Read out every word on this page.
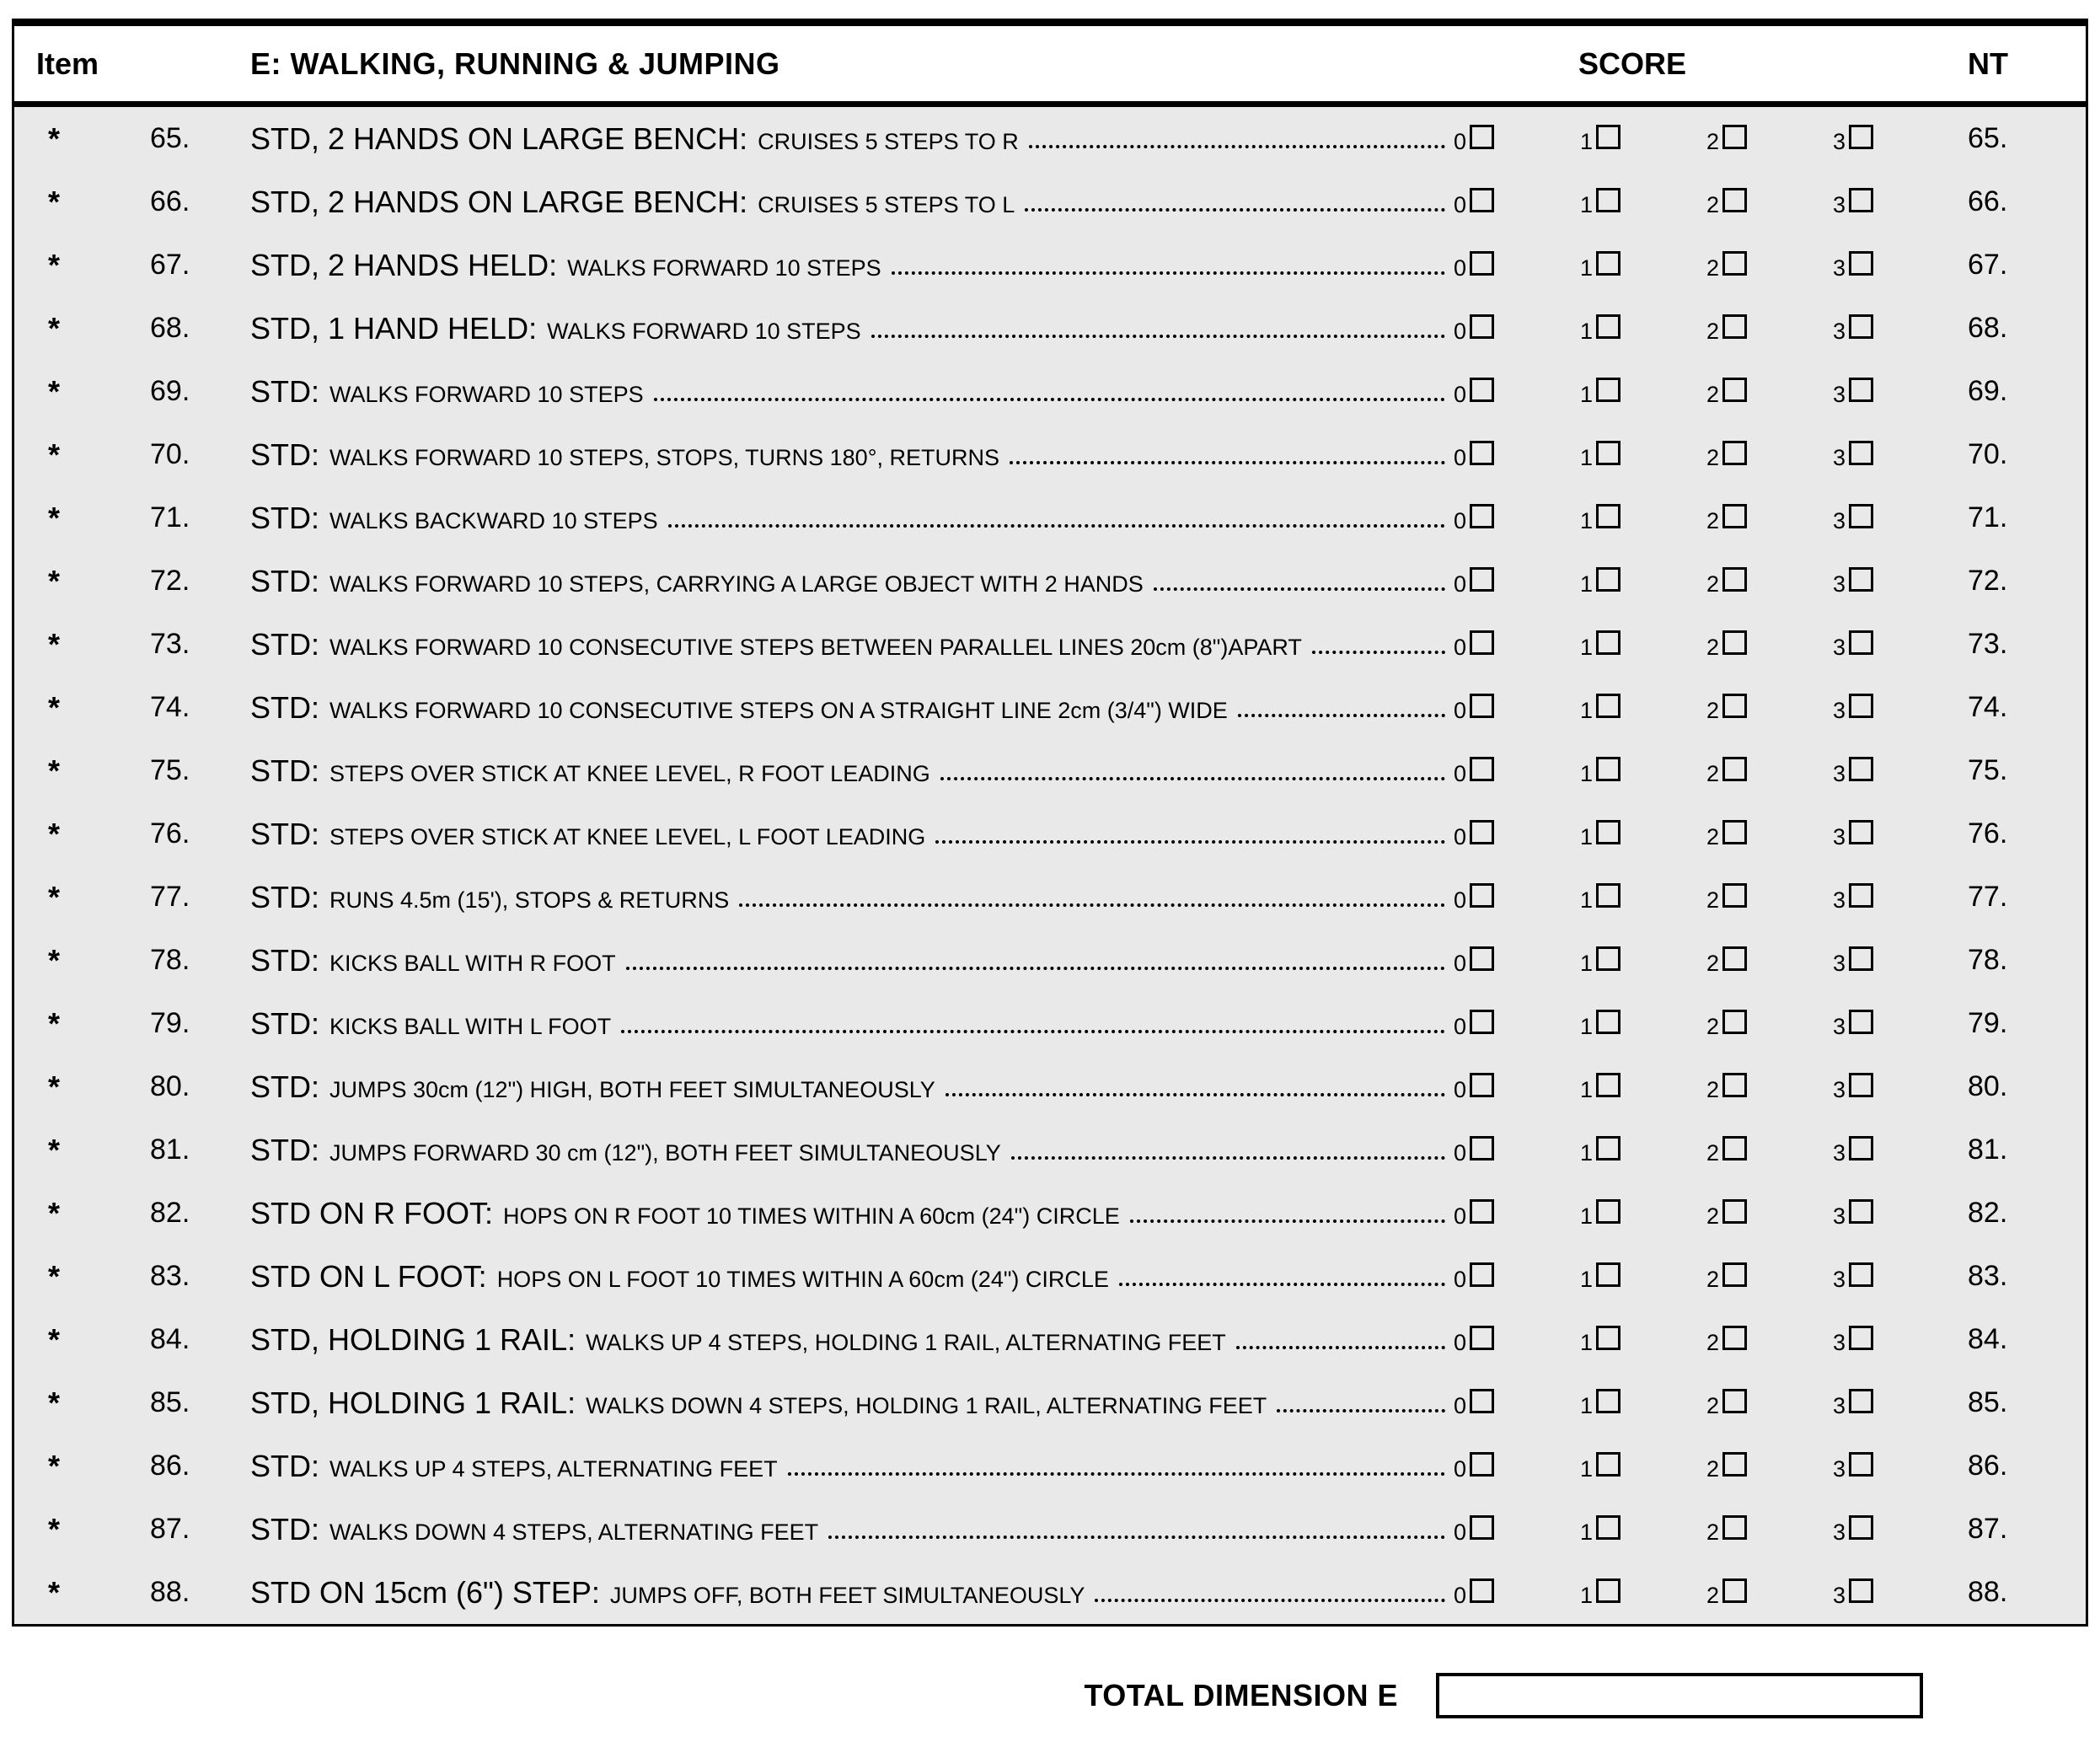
Item	E: WALKING, RUNNING & JUMPING	SCORE	NT
*	65.	STD, 2 HANDS ON LARGE BENCH: CRUISES 5 STEPS TO R	0	1	2	3	65.
*	66.	STD, 2 HANDS ON LARGE BENCH: CRUISES 5 STEPS TO L	0	1	2	3	66.
*	67.	STD, 2 HANDS HELD: WALKS FORWARD 10 STEPS	0	1	2	3	67.
*	68.	STD, 1 HAND HELD: WALKS FORWARD 10 STEPS	0	1	2	3	68.
*	69.	STD: WALKS FORWARD 10 STEPS	0	1	2	3	69.
*	70.	STD: WALKS FORWARD 10 STEPS, STOPS, TURNS 180°, RETURNS	0	1	2	3	70.
*	71.	STD: WALKS BACKWARD 10 STEPS	0	1	2	3	71.
*	72.	STD: WALKS FORWARD 10 STEPS, CARRYING A LARGE OBJECT WITH 2 HANDS	0	1	2	3	72.
*	73.	STD: WALKS FORWARD 10 CONSECUTIVE STEPS BETWEEN PARALLEL LINES 20cm (8")APART	0	1	2	3	73.
*	74.	STD: WALKS FORWARD 10 CONSECUTIVE STEPS ON A STRAIGHT LINE 2cm (3/4") WIDE	0	1	2	3	74.
*	75.	STD: STEPS OVER STICK AT KNEE LEVEL, R FOOT LEADING	0	1	2	3	75.
*	76.	STD: STEPS OVER STICK AT KNEE LEVEL, L FOOT LEADING	0	1	2	3	76.
*	77.	STD: RUNS 4.5m (15'), STOPS & RETURNS	0	1	2	3	77.
*	78.	STD: KICKS BALL WITH R FOOT	0	1	2	3	78.
*	79.	STD: KICKS BALL WITH L FOOT	0	1	2	3	79.
*	80.	STD: JUMPS 30cm (12") HIGH, BOTH FEET SIMULTANEOUSLY	0	1	2	3	80.
*	81.	STD: JUMPS FORWARD 30 cm (12"), BOTH FEET SIMULTANEOUSLY	0	1	2	3	81.
*	82.	STD ON R FOOT: HOPS ON R FOOT 10 TIMES WITHIN A 60cm (24") CIRCLE	0	1	2	3	82.
*	83.	STD ON L FOOT: HOPS ON L FOOT 10 TIMES WITHIN A 60cm (24") CIRCLE	0	1	2	3	83.
*	84.	STD, HOLDING 1 RAIL: WALKS UP 4 STEPS, HOLDING 1 RAIL, ALTERNATING FEET	0	1	2	3	84.
*	85.	STD, HOLDING 1 RAIL: WALKS DOWN 4 STEPS, HOLDING 1 RAIL, ALTERNATING FEET	0	1	2	3	85.
*	86.	STD: WALKS UP 4 STEPS, ALTERNATING FEET	0	1	2	3	86.
*	87.	STD: WALKS DOWN 4 STEPS, ALTERNATING FEET	0	1	2	3	87.
*	88.	STD ON 15cm (6") STEP: JUMPS OFF, BOTH FEET SIMULTANEOUSLY	0	1	2	3	88.
TOTAL DIMENSION E
